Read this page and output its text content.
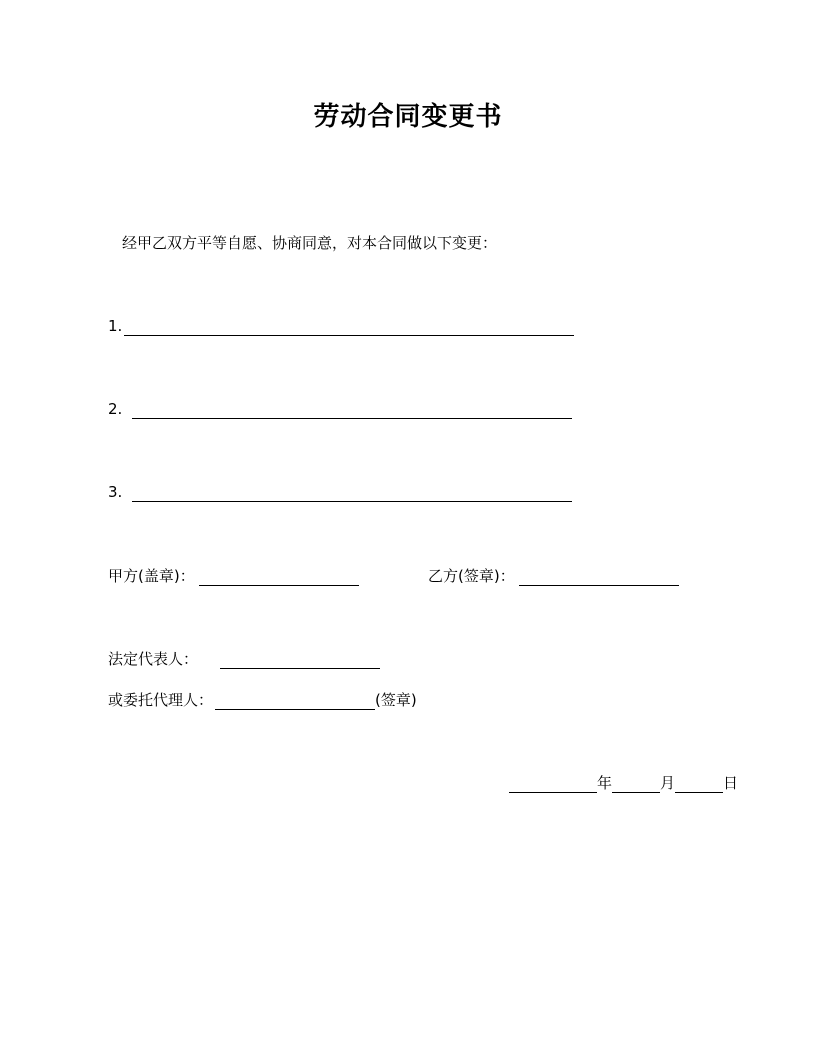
劳动合同变更书
经甲乙双方平等自愿、协商同意，对本合同做以下变更：
1.
2.
3.
甲方(盖章)：	乙方(签章)：
法定代表人：
或委托代理人：	(签章)
年	月	日
